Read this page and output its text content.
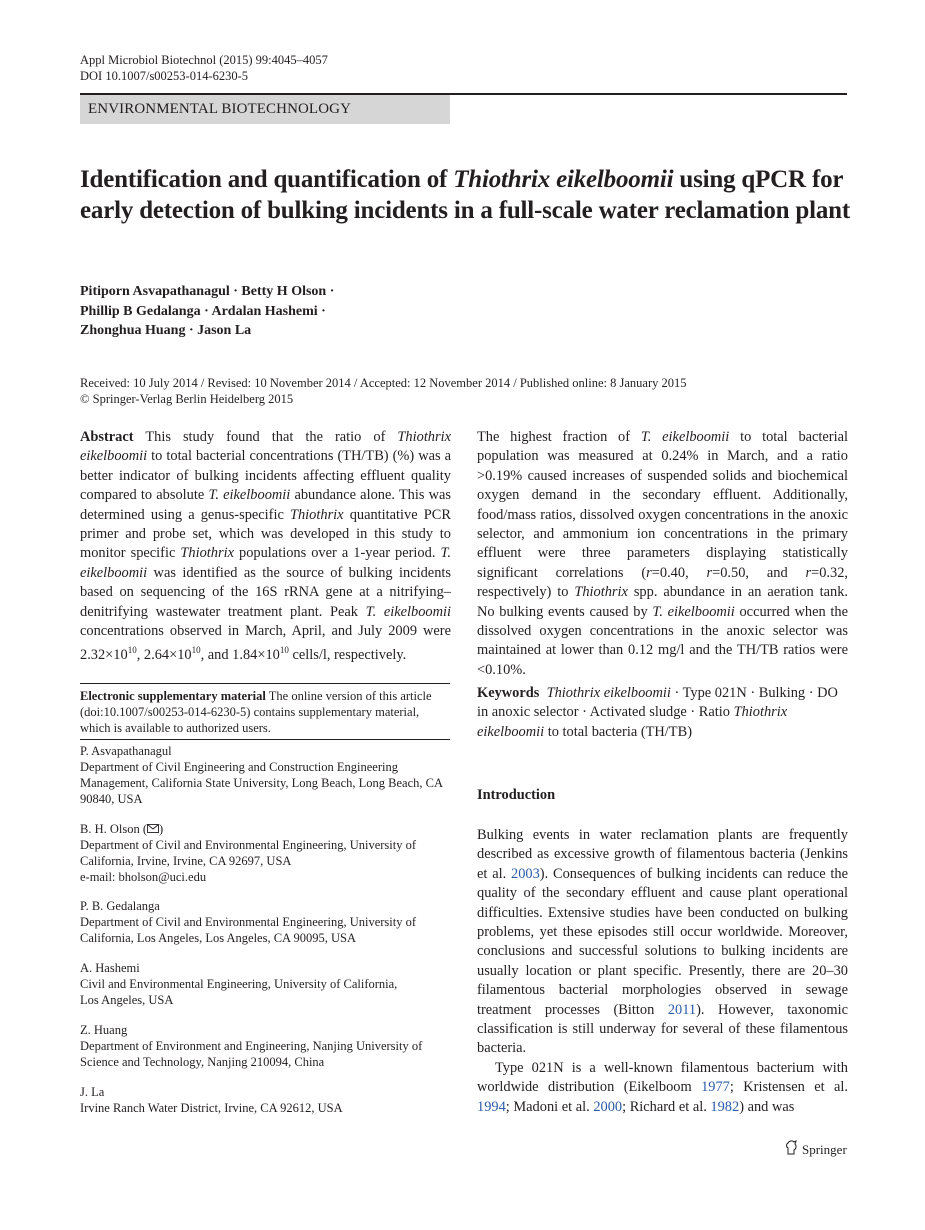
Appl Microbiol Biotechnol (2015) 99:4045–4057
DOI 10.1007/s00253-014-6230-5
ENVIRONMENTAL BIOTECHNOLOGY
Identification and quantification of Thiothrix eikelboomii using qPCR for early detection of bulking incidents in a full-scale water reclamation plant
Pitiporn Asvapathanagul · Betty H Olson ·
Phillip B Gedalanga · Ardalan Hashemi ·
Zhonghua Huang · Jason La
Received: 10 July 2014 / Revised: 10 November 2014 / Accepted: 12 November 2014 / Published online: 8 January 2015
© Springer-Verlag Berlin Heidelberg 2015
Abstract This study found that the ratio of Thiothrix eikelboomii to total bacterial concentrations (TH/TB) (%) was a better indicator of bulking incidents affecting effluent quality compared to absolute T. eikelboomii abundance alone. This was determined using a genus-specific Thiothrix quantitative PCR primer and probe set, which was developed in this study to monitor specific Thiothrix populations over a 1-year period. T. eikelboomii was identified as the source of bulking incidents based on sequencing of the 16S rRNA gene at a nitrifying–denitrifying wastewater treatment plant. Peak T. eikelboomii concentrations observed in March, April, and July 2009 were $2.32\times 10^{10}$, $2.64\times 10^{10}$, and $1.84\times 10^{10}$ cells/l, respectively.
Electronic supplementary material The online version of this article (doi:10.1007/s00253-014-6230-5) contains supplementary material, which is available to authorized users.
P. Asvapathanagul
Department of Civil Engineering and Construction Engineering Management, California State University, Long Beach, Long Beach, CA 90840, USA
B. H. Olson ( )
Department of Civil and Environmental Engineering, University of California, Irvine, Irvine, CA 92697, USA
e-mail: bholson@uci.edu
P. B. Gedalanga
Department of Civil and Environmental Engineering, University of California, Los Angeles, Los Angeles, CA 90095, USA
A. Hashemi
Civil and Environmental Engineering, University of California,
Los Angeles, USA
Z. Huang
Department of Environment and Engineering, Nanjing University of Science and Technology, Nanjing 210094, China
J. La
Irvine Ranch Water District, Irvine, CA 92612, USA
The highest fraction of T. eikelboomii to total bacterial population was measured at 0.24% in March, and a ratio >0.19% caused increases of suspended solids and biochemical oxygen demand in the secondary effluent. Additionally, food/mass ratios, dissolved oxygen concentrations in the anoxic selector, and ammonium ion concentrations in the primary effluent were three parameters displaying statistically significant correlations (r=0.40, r=0.50, and r=0.32, respectively) to Thiothrix spp. abundance in an aeration tank. No bulking events caused by T. eikelboomii occurred when the dissolved oxygen concentrations in the anoxic selector was maintained at lower than 0.12 mg/l and the TH/TB ratios were <0.10%.
Keywords Thiothrix eikelboomii · Type 021N · Bulking · DO in anoxic selector · Activated sludge · Ratio Thiothrix eikelboomii to total bacteria (TH/TB)
Introduction
Bulking events in water reclamation plants are frequently described as excessive growth of filamentous bacteria (Jenkins et al. 2003). Consequences of bulking incidents can reduce the quality of the secondary effluent and cause plant operational difficulties. Extensive studies have been conducted on bulking problems, yet these episodes still occur worldwide. Moreover, conclusions and successful solutions to bulking incidents are usually location or plant specific. Presently, there are 20–30 filamentous bacterial morphologies observed in sewage treatment processes (Bitton 2011). However, taxonomic classification is still underway for several of these filamentous bacteria.
Type 021N is a well-known filamentous bacterium with worldwide distribution (Eikelboom 1977; Kristensen et al. 1994; Madoni et al. 2000; Richard et al. 1982) and was
Springer
